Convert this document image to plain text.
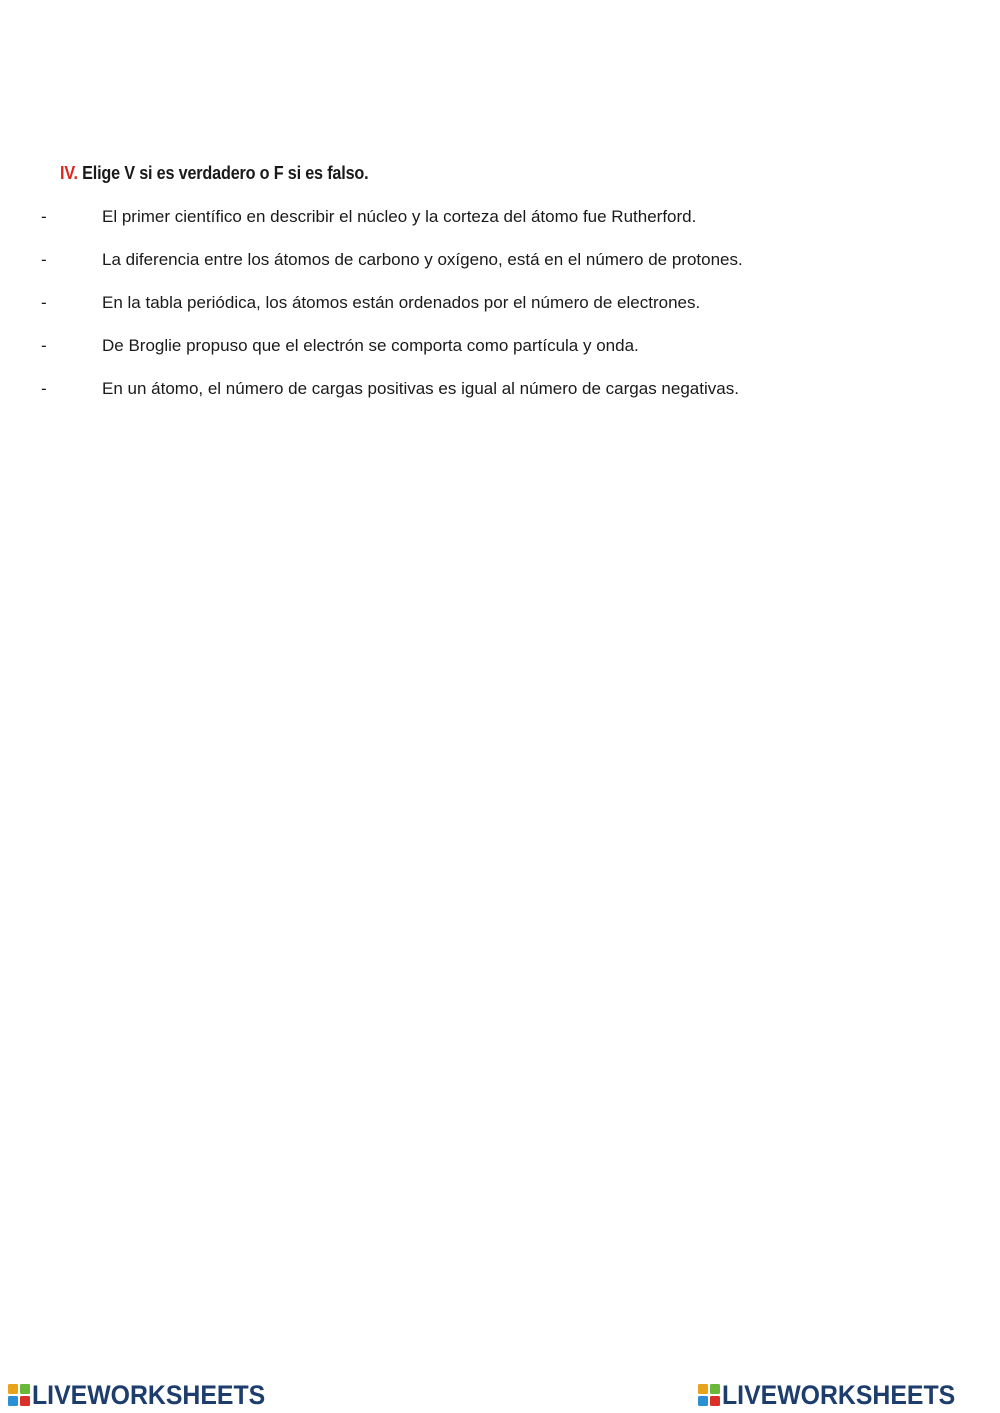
IV. Elige V si es verdadero o F si es falso.
-	El primer científico en describir el núcleo y la corteza del átomo fue Rutherford.
-	La diferencia entre los átomos de carbono y oxígeno, está en el número de protones.
-	En la tabla periódica, los átomos están ordenados por el número de electrones.
-	De Broglie propuso que el electrón se comporta como partícula y onda.
-	En un átomo, el número de cargas positivas es igual al número de cargas negativas.
LIVEWORKSHEETS	LIVEWORKSHEETS
